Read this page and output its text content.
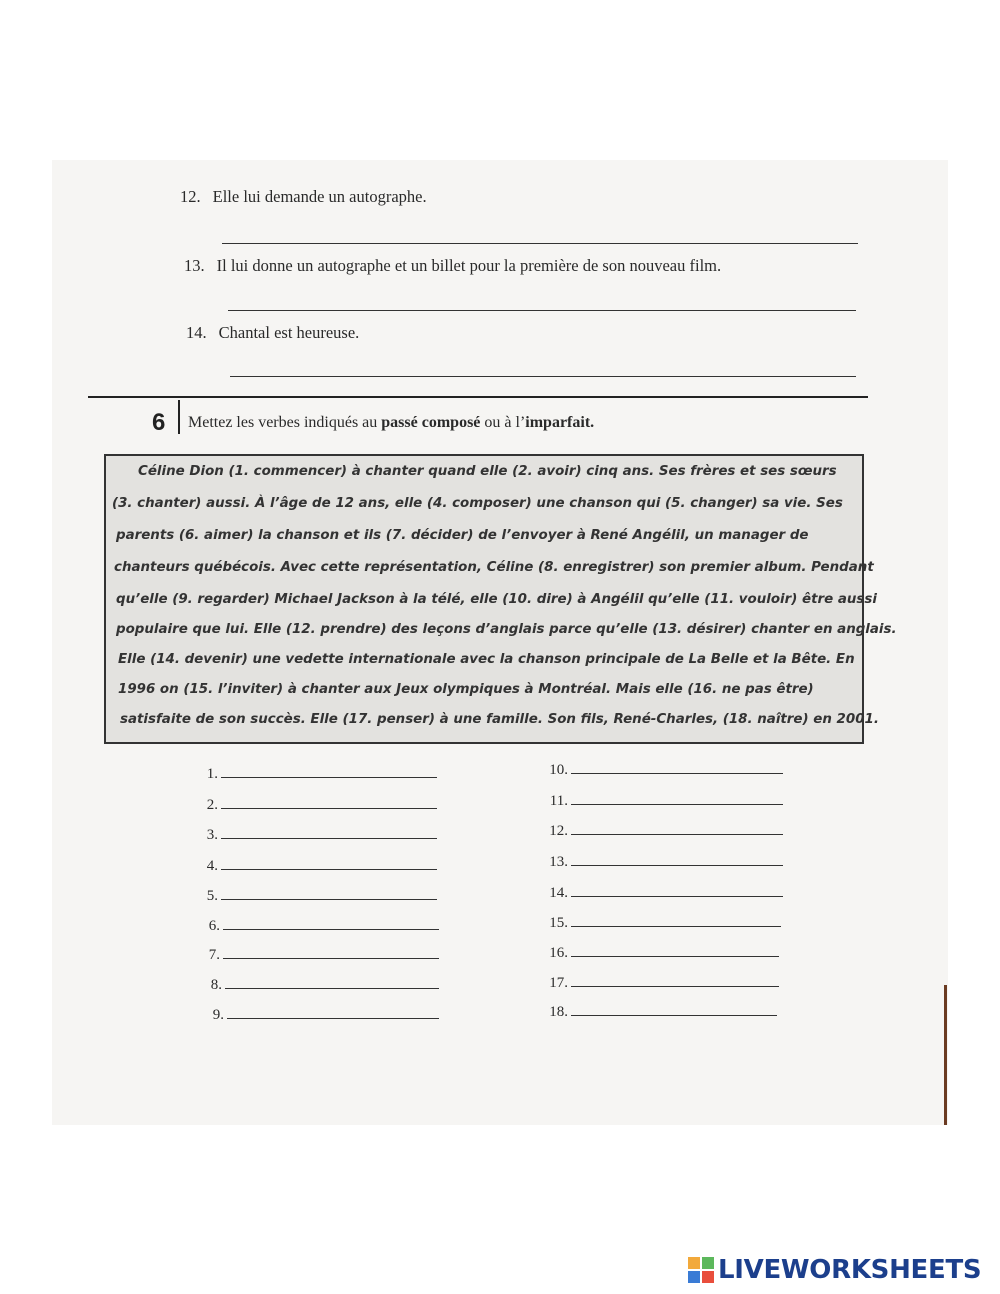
12. Elle lui demande un autographe.
13. Il lui donne un autographe et un billet pour la première de son nouveau film.
14. Chantal est heureuse.
6 Mettez les verbes indiqués au passé composé ou à l’imparfait.
Céline Dion (1. commencer) à chanter quand elle (2. avoir) cinq ans. Ses frères et ses sœurs
(3. chanter) aussi. À l’âge de 12 ans, elle (4. composer) une chanson qui (5. changer) sa vie. Ses
parents (6. aimer) la chanson et ils (7. décider) de l’envoyer à René Angélil, un manager de
chanteurs québécois. Avec cette représentation, Céline (8. enregistrer) son premier album. Pendant
qu’elle (9. regarder) Michael Jackson à la télé, elle (10. dire) à Angélil qu’elle (11. vouloir) être aussi
populaire que lui. Elle (12. prendre) des leçons d’anglais parce qu’elle (13. désirer) chanter en anglais.
Elle (14. devenir) une vedette internationale avec la chanson principale de La Belle et la Bête. En
1996 on (15. l’inviter) à chanter aux Jeux olympiques à Montréal. Mais elle (16. ne pas être)
satisfaite de son succès. Elle (17. penser) à une famille. Son fils, René-Charles, (18. naître) en 2001.
1.
2.
3.
4.
5.
6.
7.
8.
9.
10.
11.
12.
13.
14.
15.
16.
17.
18.
LIVEWORKSHEETS
